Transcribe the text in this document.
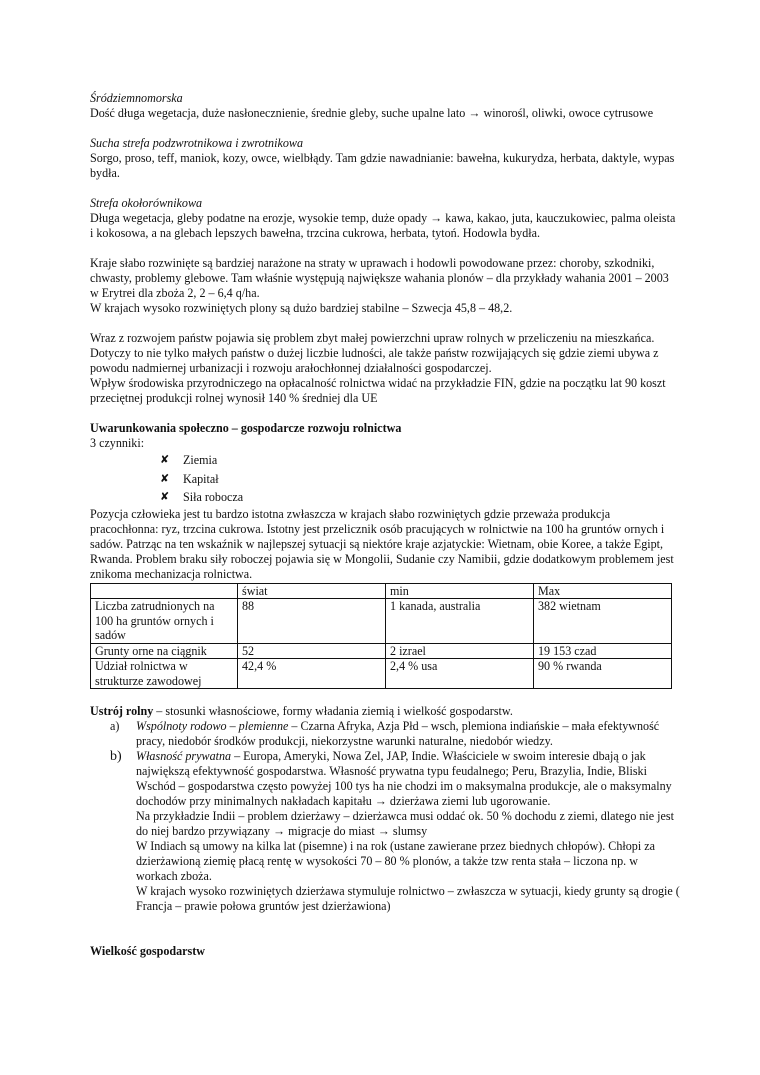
Śródziemnomorska

Dość długa wegetacja, duże nasłonecznienie, średnie gleby, suche upalne lato → winorośl, oliwki, owoce cytrusowe

Sucha strefa podzwrotnikowa i zwrotnikowa

Sorgo, proso, teff, maniok, kozy, owce, wielbłądy. Tam gdzie nawadnianie: bawełna, kukurydza, herbata, daktyle, wypas bydła.

Strefa okołorównikowa

Długa wegetacja, gleby podatne na erozje, wysokie temp, duże opady → kawa, kakao, juta, kauczukowiec, palma oleista i kokosowa, a na glebach lepszych bawełna, trzcina cukrowa, herbata, tytoń. Hodowla bydła.

Kraje słabo rozwinięte są bardziej narażone na straty w uprawach i hodowli powodowane przez: choroby, szkodniki, chwasty, problemy glebowe. Tam właśnie występują największe wahania plonów – dla przykłady wahania 2001 – 2003 w Erytrei dla zboża 2, 2 – 6,4 q/ha.

W krajach wysoko rozwiniętych plony są dużo bardziej stabilne – Szwecja 45,8 – 48,2.

Wraz z rozwojem państw pojawia się problem zbyt małej powierzchni upraw rolnych w przeliczeniu na mieszkańca. Dotyczy to nie tylko małych państw o dużej liczbie ludności, ale także państw rozwijających się gdzie ziemi ubywa z powodu nadmiernej urbanizacji i rozwoju arałochłonnej działalności gospodarczej.

Wpływ środowiska przyrodniczego na opłacalność rolnictwa widać na przykładzie FIN, gdzie na początku lat 90 koszt przeciętnej produkcji rolnej wynosił 140 % średniej dla UE

Uwarunkowania społeczno – gospodarcze rozwoju rolnictwa

3 czynniki:

✘	Ziemia
✘	Kapitał
✘	Siła robocza

Pozycja człowieka jest tu bardzo istotna zwłaszcza w krajach słabo rozwiniętych gdzie przeważa produkcja pracochłonna: ryz, trzcina cukrowa. Istotny jest przelicznik osób pracujących w rolnictwie na 100 ha gruntów ornych i sadów. Patrząc na ten wskaźnik w najlepszej sytuacji są niektóre kraje azjatyckie: Wietnam, obie Koree, a także Egipt, Rwanda. Problem braku siły roboczej pojawia się w Mongolii, Sudanie czy Namibii, gdzie dodatkowym problemem jest znikoma mechanizacja rolnictwa.

	świat	min	Max
Liczba zatrudnionych na 100 ha gruntów ornych i sadów	88	1 kanada, australia	382 wietnam
Grunty orne na ciągnik	52	2 izrael	19 153 czad
Udział rolnictwa w strukturze zawodowej	42,4 %	2,4 % usa	90 % rwanda

Ustrój rolny – stosunki własnościowe, formy władania ziemią i wielkość gospodarstw.

a)	Wspólnoty rodowo – plemienne – Czarna Afryka, Azja Płd – wsch, plemiona indiańskie – mała efektywność pracy, niedobór środków produkcji, niekorzystne warunki naturalne, niedobór wiedzy.
b)	Własność prywatna – Europa, Ameryki, Nowa Zel, JAP, Indie. Właściciele w swoim interesie dbają o jak największą efektywność gospodarstwa. Własność prywatna typu feudalnego; Peru, Brazylia, Indie, Bliski Wschód – gospodarstwa często powyżej 100 tys ha nie chodzi im o maksymalna produkcje, ale o maksymalny dochodów przy minimalnych nakładach kapitału → dzierżawa ziemi lub ugorowanie.

Na przykładzie Indii – problem dzierżawy – dzierżawca musi oddać ok. 50 % dochodu z ziemi, dlatego nie jest do niej bardzo przywiązany → migracje do miast → slumsy

W Indiach są umowy na kilka lat (pisemne) i na rok (ustane zawierane przez biednych chłopów). Chłopi za dzierżawioną ziemię płacą rentę w wysokości 70 – 80 % plonów, a także tzw renta stała – liczona np. w workach zboża.

W krajach wysoko rozwiniętych dzierżawa stymuluje rolnictwo – zwłaszcza w sytuacji, kiedy grunty są drogie ( Francja – prawie połowa gruntów jest dzierżawiona)

Wielkość gospodarstw
